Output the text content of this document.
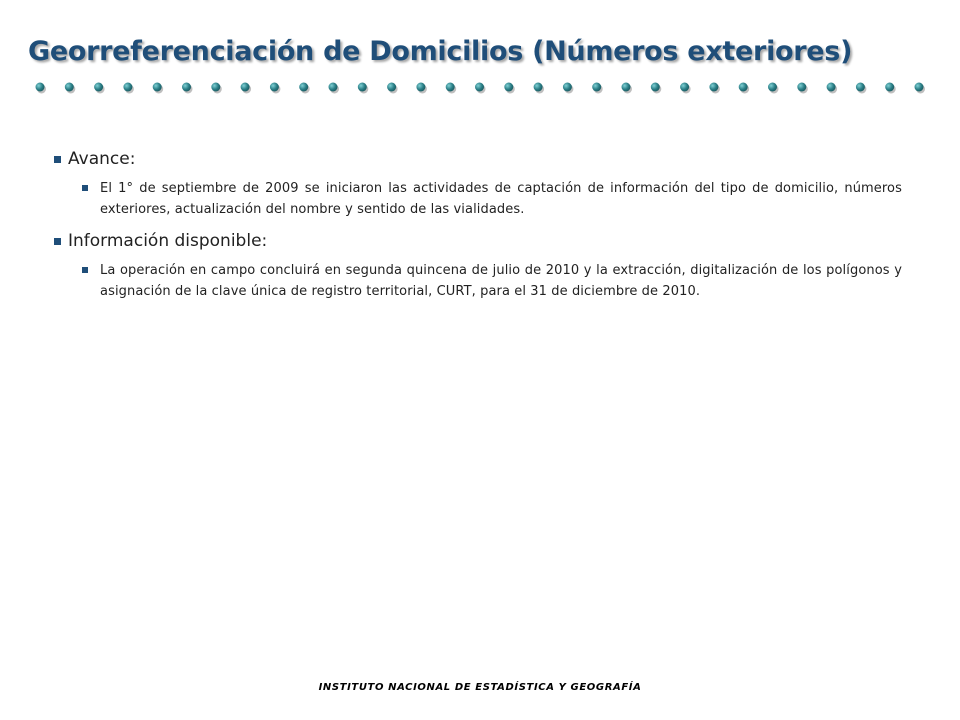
Georreferenciación de Domicilios (Números exteriores)
Avance:
El 1° de septiembre de 2009 se iniciaron las actividades de captación de información del tipo de domicilio, números exteriores, actualización del nombre y sentido de las vialidades.
Información disponible:
La operación en campo concluirá en segunda quincena de julio de 2010 y la extracción, digitalización de los polígonos y asignación de la clave única de registro territorial, CURT, para el 31 de diciembre de 2010.
INSTITUTO NACIONAL DE ESTADÍSTICA Y GEOGRAFÍA
